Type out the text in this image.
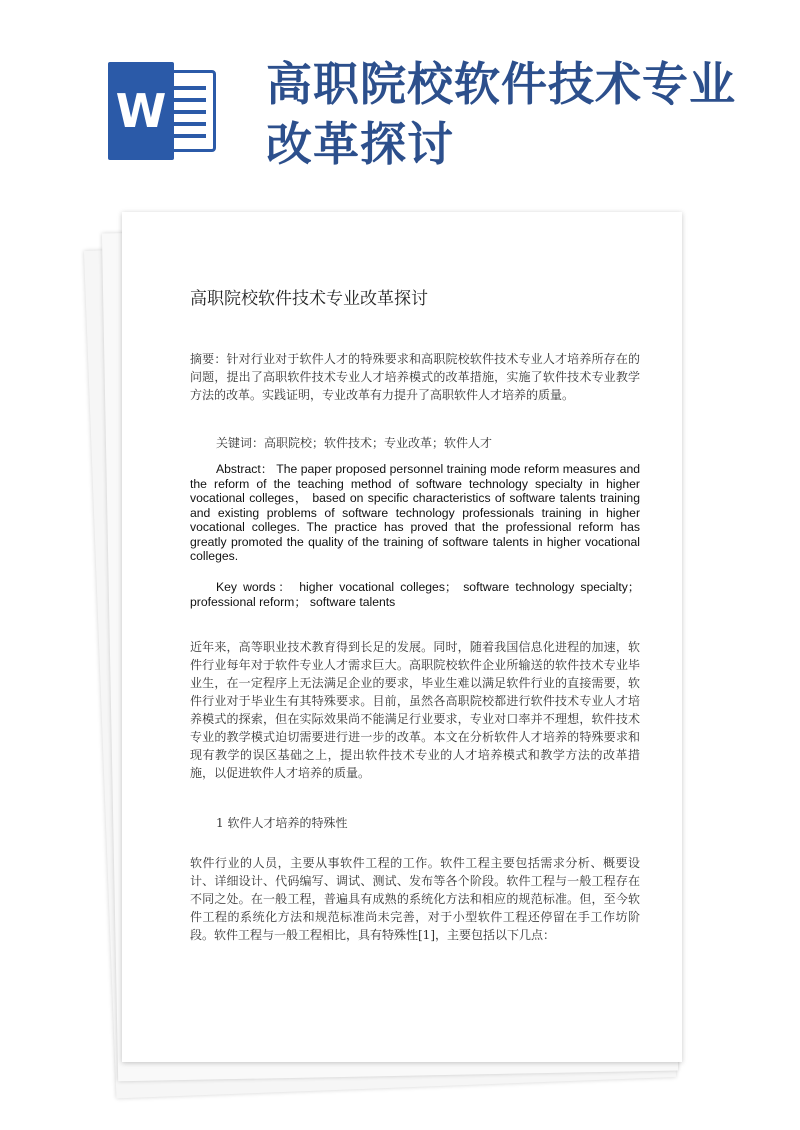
W 高职院校软件技术专业改革探讨
高职院校软件技术专业改革探讨
摘要：针对行业对于软件人才的特殊要求和高职院校软件技术专业人才培养所存在的问题，提出了高职软件技术专业人才培养模式的改革措施，实施了软件技术专业教学方法的改革。实践证明，专业改革有力提升了高职软件人才培养的质量。
关键词：高职院校；软件技术；专业改革；软件人才
Abstract： The paper proposed personnel training mode reform measures and the reform of the teaching method of software technology specialty in higher vocational colleges， based on specific characteristics of software talents training and existing problems of software technology professionals training in higher vocational colleges. The practice has proved that the professional reform has greatly promoted the quality of the training of software talents in higher vocational colleges.
Key words： higher vocational colleges； software technology specialty； professional reform； software talents
近年来，高等职业技术教育得到长足的发展。同时，随着我国信息化进程的加速，软件行业每年对于软件专业人才需求巨大。高职院校软件企业所输送的软件技术专业毕业生，在一定程序上无法满足企业的要求，毕业生难以满足软件行业的直接需要，软件行业对于毕业生有其特殊要求。目前，虽然各高职院校都进行软件技术专业人才培养模式的探索，但在实际效果尚不能满足行业要求，专业对口率并不理想，软件技术专业的教学模式迫切需要进行进一步的改革。本文在分析软件人才培养的特殊要求和现有教学的误区基础之上，提出软件技术专业的人才培养模式和教学方法的改革措施，以促进软件人才培养的质量。
1 软件人才培养的特殊性
软件行业的人员，主要从事软件工程的工作。软件工程主要包括需求分析、概要设计、详细设计、代码编写、调试、测试、发布等各个阶段。软件工程与一般工程存在不同之处。在一般工程，普遍具有成熟的系统化方法和相应的规范标准。但，至今软件工程的系统化方法和规范标准尚未完善，对于小型软件工程还停留在手工作坊阶段。软件工程与一般工程相比，具有特殊性[1]，主要包括以下几点：
